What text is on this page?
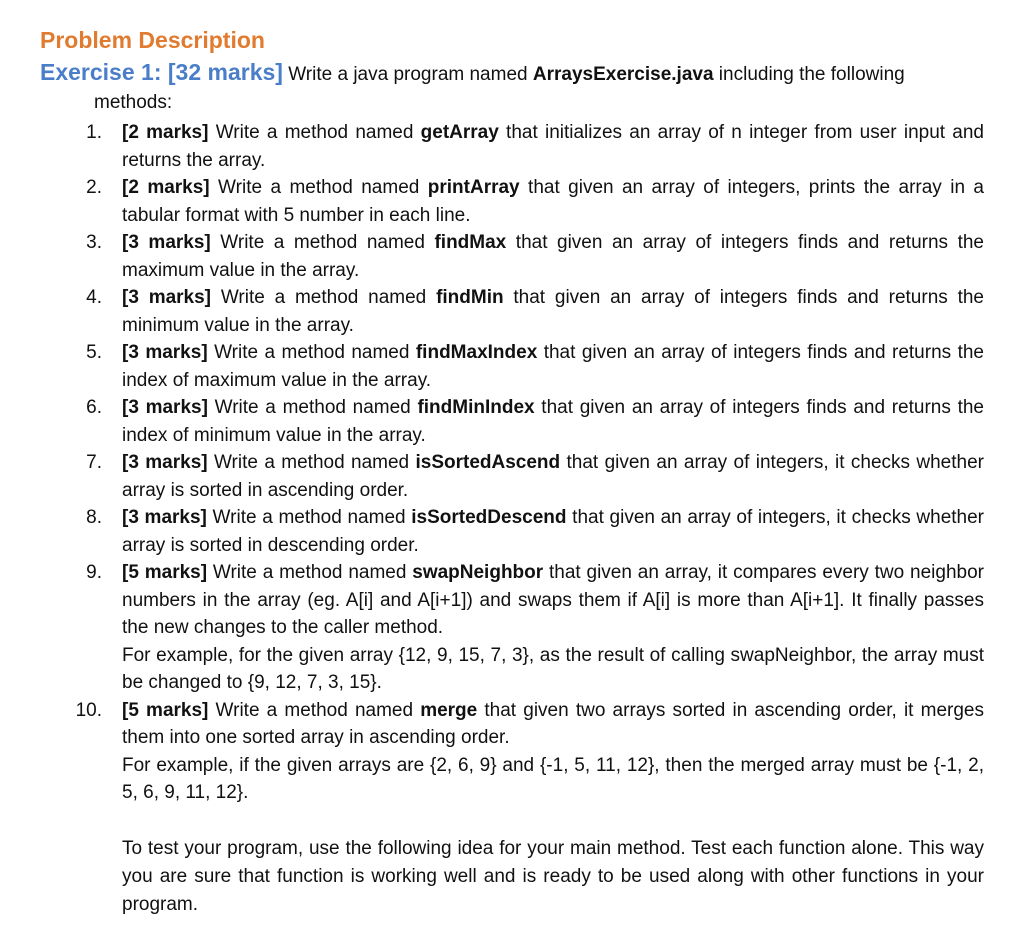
Problem Description

Exercise 1: [32 marks] Write a java program named ArraysExercise.java including the following

methods:

1. [2 marks] Write a method named getArray that initializes an array of n integer from user input and returns the array.
2. [2 marks] Write a method named printArray that given an array of integers, prints the array in a tabular format with 5 number in each line.
3. [3 marks] Write a method named findMax that given an array of integers finds and returns the maximum value in the array.
4. [3 marks] Write a method named findMin that given an array of integers finds and returns the minimum value in the array.
5. [3 marks] Write a method named findMaxIndex that given an array of integers finds and returns the index of maximum value in the array.
6. [3 marks] Write a method named findMinIndex that given an array of integers finds and returns the index of minimum value in the array.
7. [3 marks] Write a method named isSortedAscend that given an array of integers, it checks whether array is sorted in ascending order.
8. [3 marks] Write a method named isSortedDescend that given an array of integers, it checks whether array is sorted in descending order.
9. [5 marks] Write a method named swapNeighbor that given an array, it compares every two neighbor numbers in the array (eg. A[i] and A[i+1]) and swaps them if A[i] is more than A[i+1]. It finally passes the new changes to the caller method.
For example, for the given array {12, 9, 15, 7, 3}, as the result of calling swapNeighbor, the array must be changed to {9, 12, 7, 3, 15}.
10. [5 marks] Write a method named merge that given two arrays sorted in ascending order, it merges them into one sorted array in ascending order.
For example, if the given arrays are {2, 6, 9} and {-1, 5, 11, 12}, then the merged array must be {-1, 2, 5, 6, 9, 11, 12}.

To test your program, use the following idea for your main method. Test each function alone. This way you are sure that function is working well and is ready to be used along with other functions in your program.
